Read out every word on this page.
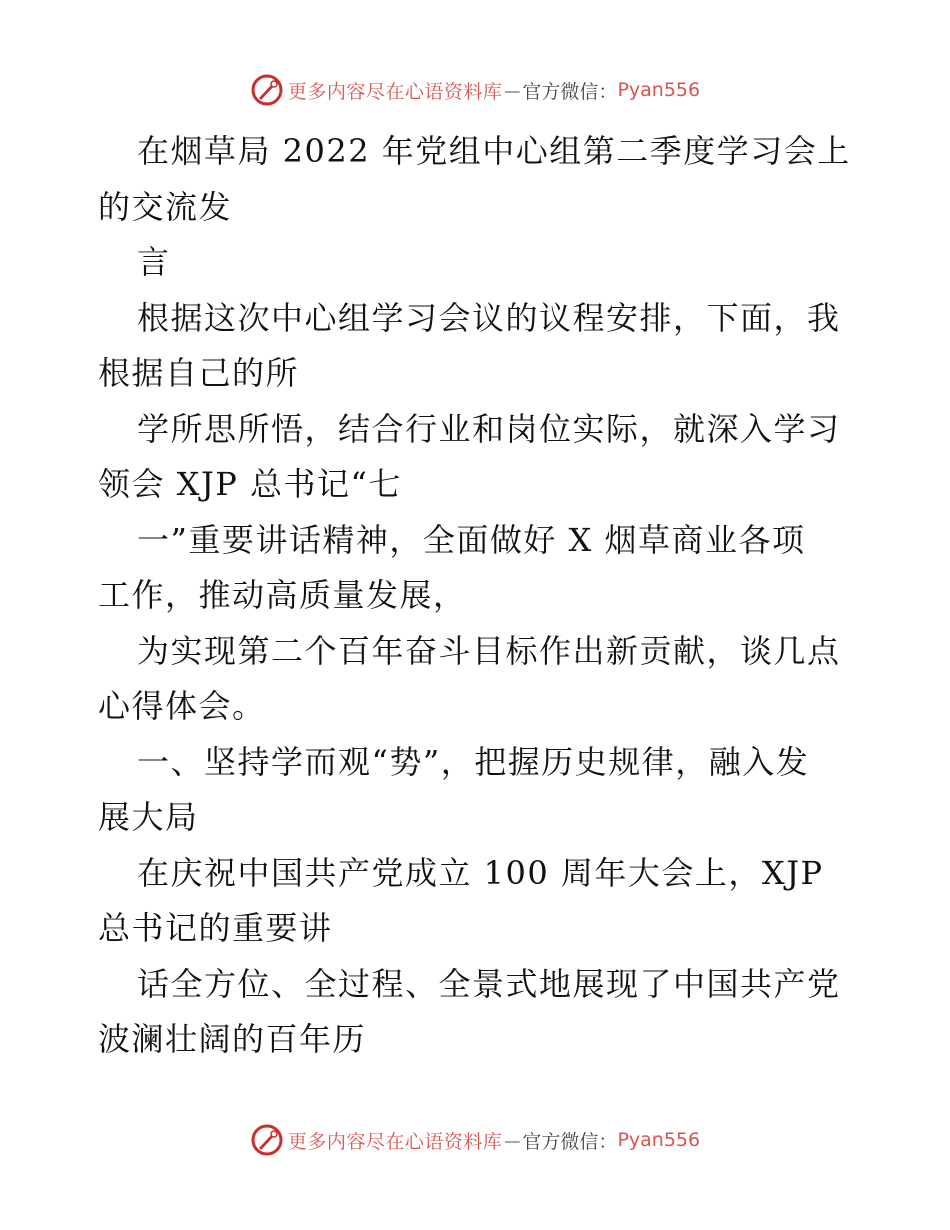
更多内容尽在心语资料库 — 官方微信： Pyan556
在烟草局 2022 年党组中心组第二季度学习会上
的交流发
言
根据这次中心组学习会议的议程安排，下面，我
根据自己的所
学所思所悟，结合行业和岗位实际，就深入学习
领会 XJP 总书记“七
一”重要讲话精神，全面做好 X 烟草商业各项
工作，推动高质量发展，
为实现第二个百年奋斗目标作出新贡献，谈几点
心得体会。
一、坚持学而观“势”，把握历史规律，融入发
展大局
在庆祝中国共产党成立 100 周年大会上，XJP
总书记的重要讲
话全方位、全过程、全景式地展现了中国共产党
波澜壮阔的百年历
更多内容尽在心语资料库 — 官方微信： Pyan556
